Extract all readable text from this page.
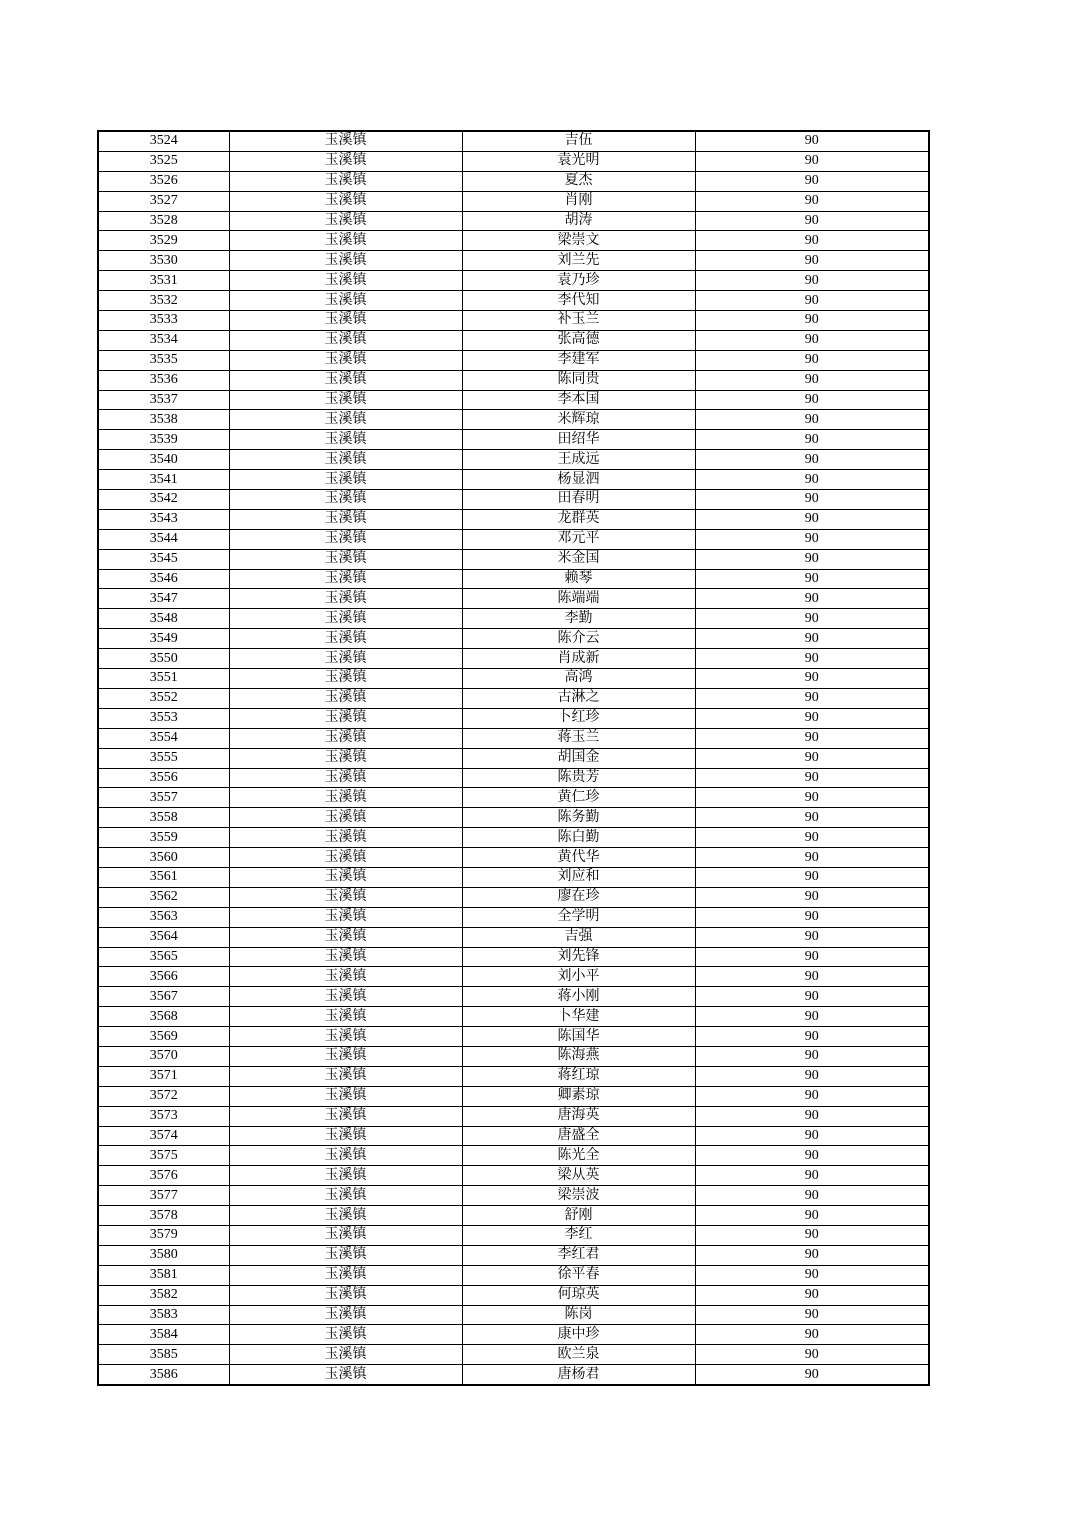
3524	玉溪镇	吉伍	90
3525	玉溪镇	袁光明	90
3526	玉溪镇	夏杰	90
3527	玉溪镇	肖刚	90
3528	玉溪镇	胡涛	90
3529	玉溪镇	梁崇文	90
3530	玉溪镇	刘兰先	90
3531	玉溪镇	袁乃珍	90
3532	玉溪镇	李代知	90
3533	玉溪镇	补玉兰	90
3534	玉溪镇	张高德	90
3535	玉溪镇	李建军	90
3536	玉溪镇	陈同贵	90
3537	玉溪镇	李本国	90
3538	玉溪镇	米辉琼	90
3539	玉溪镇	田绍华	90
3540	玉溪镇	王成远	90
3541	玉溪镇	杨显泗	90
3542	玉溪镇	田春明	90
3543	玉溪镇	龙群英	90
3544	玉溪镇	邓元平	90
3545	玉溪镇	米金国	90
3546	玉溪镇	赖琴	90
3547	玉溪镇	陈端端	90
3548	玉溪镇	李勤	90
3549	玉溪镇	陈介云	90
3550	玉溪镇	肖成新	90
3551	玉溪镇	高鸿	90
3552	玉溪镇	古淋之	90
3553	玉溪镇	卜红珍	90
3554	玉溪镇	蒋玉兰	90
3555	玉溪镇	胡国金	90
3556	玉溪镇	陈贵芳	90
3557	玉溪镇	黄仁珍	90
3558	玉溪镇	陈务勤	90
3559	玉溪镇	陈白勤	90
3560	玉溪镇	黄代华	90
3561	玉溪镇	刘应和	90
3562	玉溪镇	廖在珍	90
3563	玉溪镇	全学明	90
3564	玉溪镇	吉强	90
3565	玉溪镇	刘先锋	90
3566	玉溪镇	刘小平	90
3567	玉溪镇	蒋小刚	90
3568	玉溪镇	卜华建	90
3569	玉溪镇	陈国华	90
3570	玉溪镇	陈海燕	90
3571	玉溪镇	蒋红琼	90
3572	玉溪镇	卿素琼	90
3573	玉溪镇	唐海英	90
3574	玉溪镇	唐盛全	90
3575	玉溪镇	陈光全	90
3576	玉溪镇	梁从英	90
3577	玉溪镇	梁崇波	90
3578	玉溪镇	舒刚	90
3579	玉溪镇	李红	90
3580	玉溪镇	李红君	90
3581	玉溪镇	徐平春	90
3582	玉溪镇	何琼英	90
3583	玉溪镇	陈岗	90
3584	玉溪镇	康中珍	90
3585	玉溪镇	欧兰泉	90
3586	玉溪镇	唐杨君	90
